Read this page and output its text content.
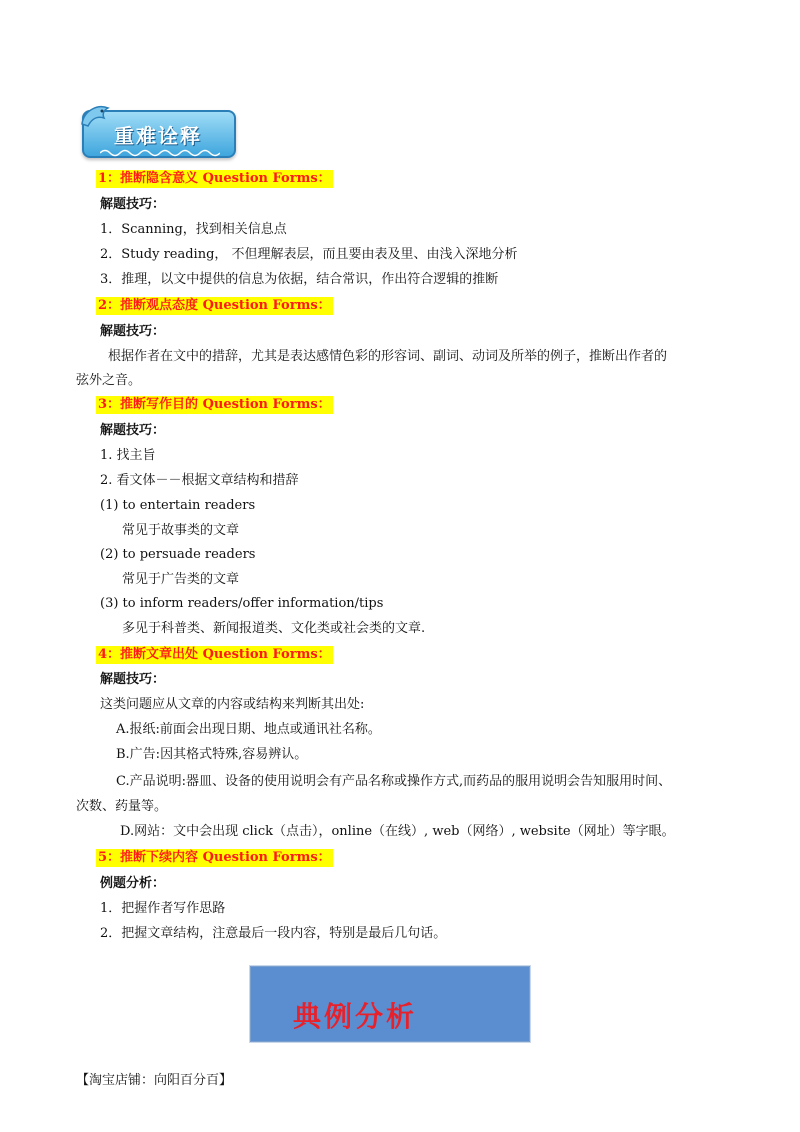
重难诠释
1：推断隐含意义 Question Forms：
解题技巧：
1．Scanning，找到相关信息点
2．Study reading， 不但理解表层，而且要由表及里、由浅入深地分析
3．推理，以文中提供的信息为依据，结合常识，作出符合逻辑的推断
2：推断观点态度 Question Forms：
解题技巧：
根据作者在文中的措辞，尤其是表达感情色彩的形容词、副词、动词及所举的例子，推断出作者的
弦外之音。
3：推断写作目的 Question Forms：
解题技巧：
1. 找主旨
2. 看文体－－根据文章结构和措辞
(1) to entertain readers
常见于故事类的文章
(2) to persuade readers
常见于广告类的文章
(3) to inform readers/offer information/tips
多见于科普类、新闻报道类、文化类或社会类的文章.
4：推断文章出处 Question Forms：
解题技巧：
这类问题应从文章的内容或结构来判断其出处:
A.报纸:前面会出现日期、地点或通讯社名称。
B.广告:因其格式特殊,容易辨认。
C.产品说明:器皿、设备的使用说明会有产品名称或操作方式,而药品的服用说明会告知服用时间、
次数、药量等。
D.网站：文中会出现 click（点击），online（在线）, web（网络）, website（网址）等字眼。
5：推断下续内容 Question Forms：
例题分析：
1．把握作者写作思路
2．把握文章结构，注意最后一段内容，特别是最后几句话。
典例分析
【淘宝店铺：向阳百分百】
